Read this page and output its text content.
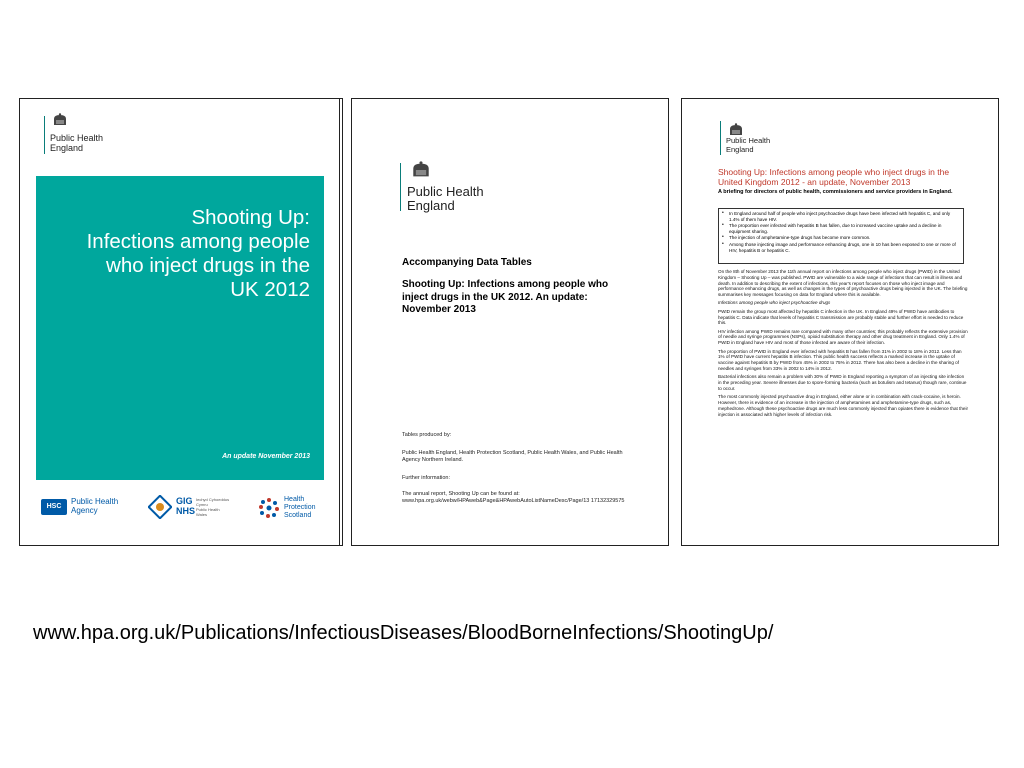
Public Health
England
Shooting Up:
Infections among people
who inject drugs in the
UK 2012
An update November 2013
HSC
Public Health
Agency
GIG
NHS
Iechyd Cyhoeddus
Cymru
Public Health
Wales
Health
Protection
Scotland
Public Health
England
Accompanying Data Tables
Shooting Up: Infections among people who inject drugs in the UK 2012. An update: November 2013
Tables produced by:
Public Health England, Health Protection Scotland, Public Health Wales, and Public Health Agency Northern Ireland.
Further information:
The annual report, Shooting Up can be found at: www.hpa.org.uk/webw/HPAweb&Page&HPAwebAutoListNameDesc/Page/13 17132329575
Public Health
England
Shooting Up: Infections among people who inject drugs in the United Kingdom 2012 - an update, November 2013
A briefing for directors of public health, commissioners and service providers in England.
• In England around half of people who inject psychoactive drugs have been infected with hepatitis C, and only 1.4% of them have HIV.
• The proportion ever infected with hepatitis B has fallen, due to increased vaccine uptake and a decline in equipment sharing.
• The injection of amphetamine-type drugs has become more common.
• Among those injecting image and performance enhancing drugs, one in 10 has been exposed to one or more of HIV, hepatitis B or hepatitis C.

On the 8th of November 2013 the 11th annual report on infections among people who inject drugs (PWID) in the United Kingdom – Shooting Up – was published. PWID are vulnerable to a wide range of infections that can result in illness and death. In addition to describing the extent of infections, this year's report focuses on those who inject image and performance enhancing drugs, as well as changes in the types of psychoactive drugs being injected in the UK. The briefing summarises key messages focusing on data for England where this is available.

Infections among people who inject psychoactive drugs

PWID remain the group most affected by hepatitis C infection in the UK. In England 49% of PWID have antibodies to hepatitis C. Data indicate that levels of hepatitis C transmission are probably stable and further effort is needed to reduce this.

HIV infection among PWID remains rare compared with many other countries; this probably reflects the extensive provision of needle and syringe programmes (NSPs), opioid substitution therapy and other drug treatment in England. Only 1.4% of PWID in England have HIV and most of those infected are aware of their infection.

The proportion of PWID in England ever infected with hepatitis B has fallen from 31% in 2002 to 18% in 2012. Less than 1% of PWID have current hepatitis B infection. This public health success reflects a marked increase in the uptake of vaccine against hepatitis B by PWID from 45% in 2002 to 75% in 2012. There has also been a decline in the sharing of needles and syringes from 33% in 2002 to 14% in 2012.

Bacterial infections also remain a problem with 30% of PWID in England reporting a symptom of an injecting site infection in the preceding year. Severe illnesses due to spore-forming bacteria (such as botulism and tetanus) though rare, continue to occur.

The most commonly injected psychoactive drug in England, either alone or in combination with crack-cocaine, is heroin. However, there is evidence of an increase in the injection of amphetamines and amphetamine-type drugs, such as, mephedrone. Although these psychoactive drugs are much less commonly injected than opiates there is evidence that their injection is associated with higher levels of infection risk.

www.hpa.org.uk/Publications/InfectiousDiseases/BloodBorneInfections/ShootingUp/
